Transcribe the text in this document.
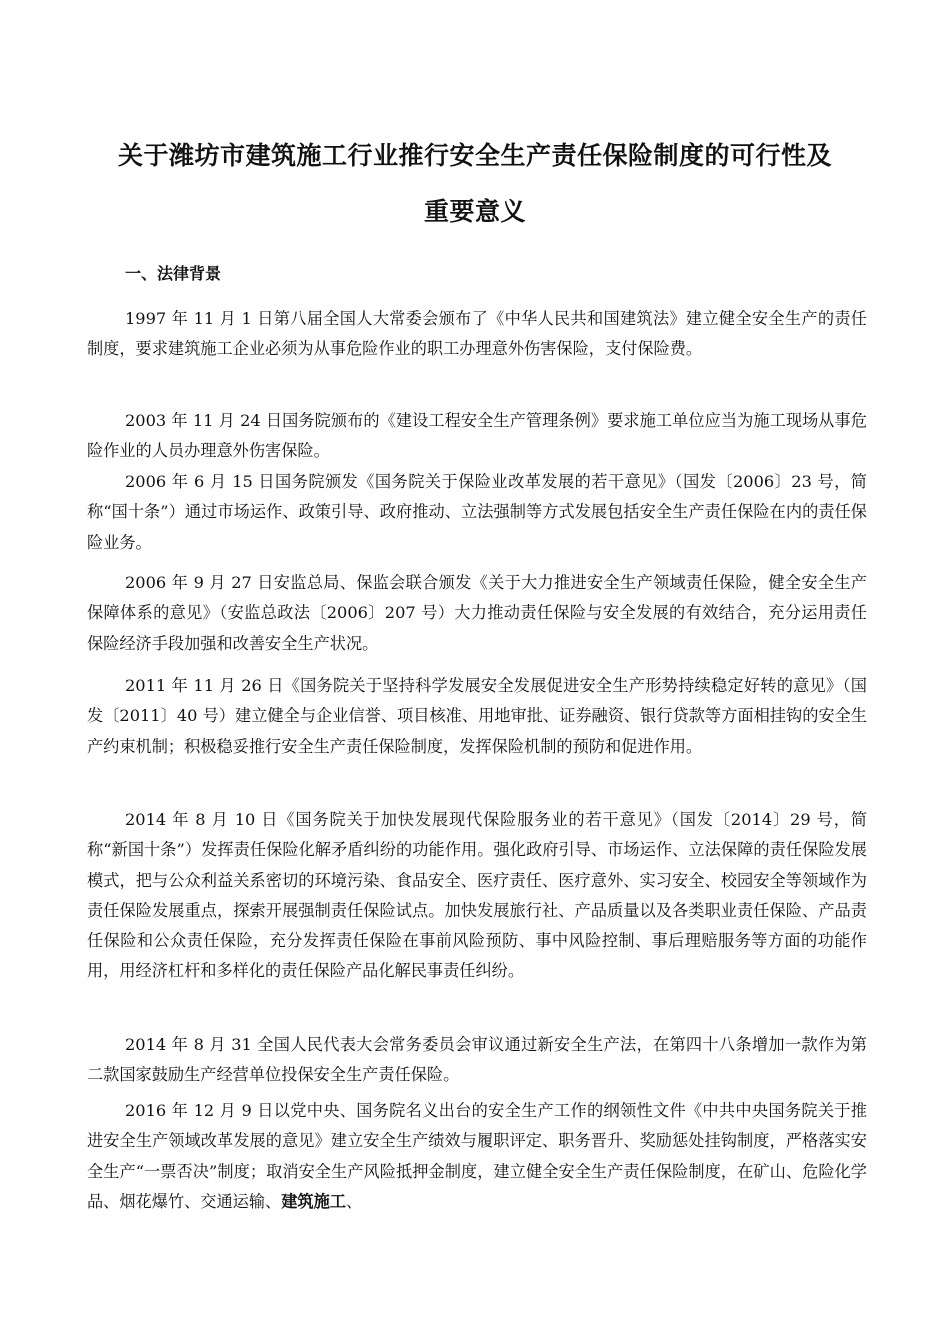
关于潍坊市建筑施工行业推行安全生产责任保险制度的可行性及
重要意义
一、法律背景

1997 年 11 月 1 日第八届全国人大常委会颁布了《中华人民共和国建筑法》建立健全安全生产的责任制度，要求建筑施工企业必须为从事危险作业的职工办理意外伤害保险，支付保险费。

2003 年 11 月 24 日国务院颁布的《建设工程安全生产管理条例》要求施工单位应当为施工现场从事危险作业的人员办理意外伤害保险。

2006 年 6 月 15 日国务院颁发《国务院关于保险业改革发展的若干意见》（国发〔2006〕23 号，简称“国十条”）通过市场运作、政策引导、政府推动、立法强制等方式发展包括安全生产责任保险在内的责任保险业务。

2006 年 9 月 27 日安监总局、保监会联合颁发《关于大力推进安全生产领域责任保险，健全安全生产保障体系的意见》（安监总政法〔2006〕207 号）大力推动责任保险与安全发展的有效结合，充分运用责任保险经济手段加强和改善安全生产状况。

2011 年 11 月 26 日《国务院关于坚持科学发展安全发展促进安全生产形势持续稳定好转的意见》（国发〔2011〕40 号）建立健全与企业信誉、项目核准、用地审批、证券融资、银行贷款等方面相挂钩的安全生产约束机制；积极稳妥推行安全生产责任保险制度，发挥保险机制的预防和促进作用。

2014 年 8 月 10 日《国务院关于加快发展现代保险服务业的若干意见》（国发〔2014〕29 号，简称“新国十条”）发挥责任保险化解矛盾纠纷的功能作用。强化政府引导、市场运作、立法保障的责任保险发展模式，把与公众利益关系密切的环境污染、食品安全、医疗责任、医疗意外、实习安全、校园安全等领域作为责任保险发展重点，探索开展强制责任保险试点。加快发展旅行社、产品质量以及各类职业责任保险、产品责任保险和公众责任保险，充分发挥责任保险在事前风险预防、事中风险控制、事后理赔服务等方面的功能作用，用经济杠杆和多样化的责任保险产品化解民事责任纠纷。

2014 年 8 月 31 全国人民代表大会常务委员会审议通过新安全生产法，在第四十八条增加一款作为第二款国家鼓励生产经营单位投保安全生产责任保险。

2016 年 12 月 9 日以党中央、国务院名义出台的安全生产工作的纲领性文件《中共中央国务院关于推进安全生产领域改革发展的意见》建立安全生产绩效与履职评定、职务晋升、奖励惩处挂钩制度，严格落实安全生产“一票否决”制度；取消安全生产风险抵押金制度，建立健全安全生产责任保险制度，在矿山、危险化学品、烟花爆竹、交通运输、建筑施工、
